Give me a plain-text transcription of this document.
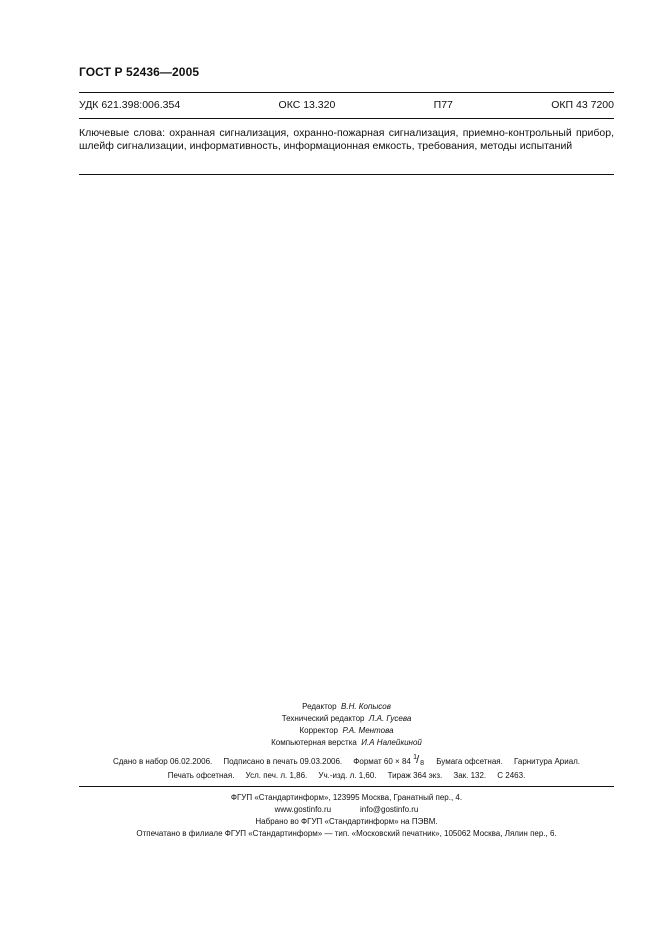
ГОСТ Р 52436—2005
УДК 621.398:006.354	ОКС 13.320	П77	ОКП 43 7200
Ключевые слова: охранная сигнализация, охранно-пожарная сигнализация, приемно-контрольный прибор, шлейф сигнализации, информативность, информационная емкость, требования, методы испытаний
Редактор В.Н. Копысов
Технический редактор Л.А. Гусева
Корректор Р.А. Ментова
Компьютерная верстка И.А Налейкиной
Сдано в набор 06.02.2006. Подписано в печать 09.03.2006. Формат 60 × 84 1 / 8 Бумага офсетная. Гарнитура Ариал.
Печать офсетная. Усл. печ. л. 1,86. Уч.-изд. л. 1,60. Тираж 364 экз. Зак. 132. С 2463.
ФГУП «Стандартинформ», 123995 Москва, Гранатный пер., 4.
www.gostinfo.ru	info@gostinfo.ru
Набрано во ФГУП «Стандартинформ» на ПЭВМ.
Отпечатано в филиале ФГУП «Стандартинформ» — тип. «Московский печатник», 105062 Москва, Лялин пер., 6.
